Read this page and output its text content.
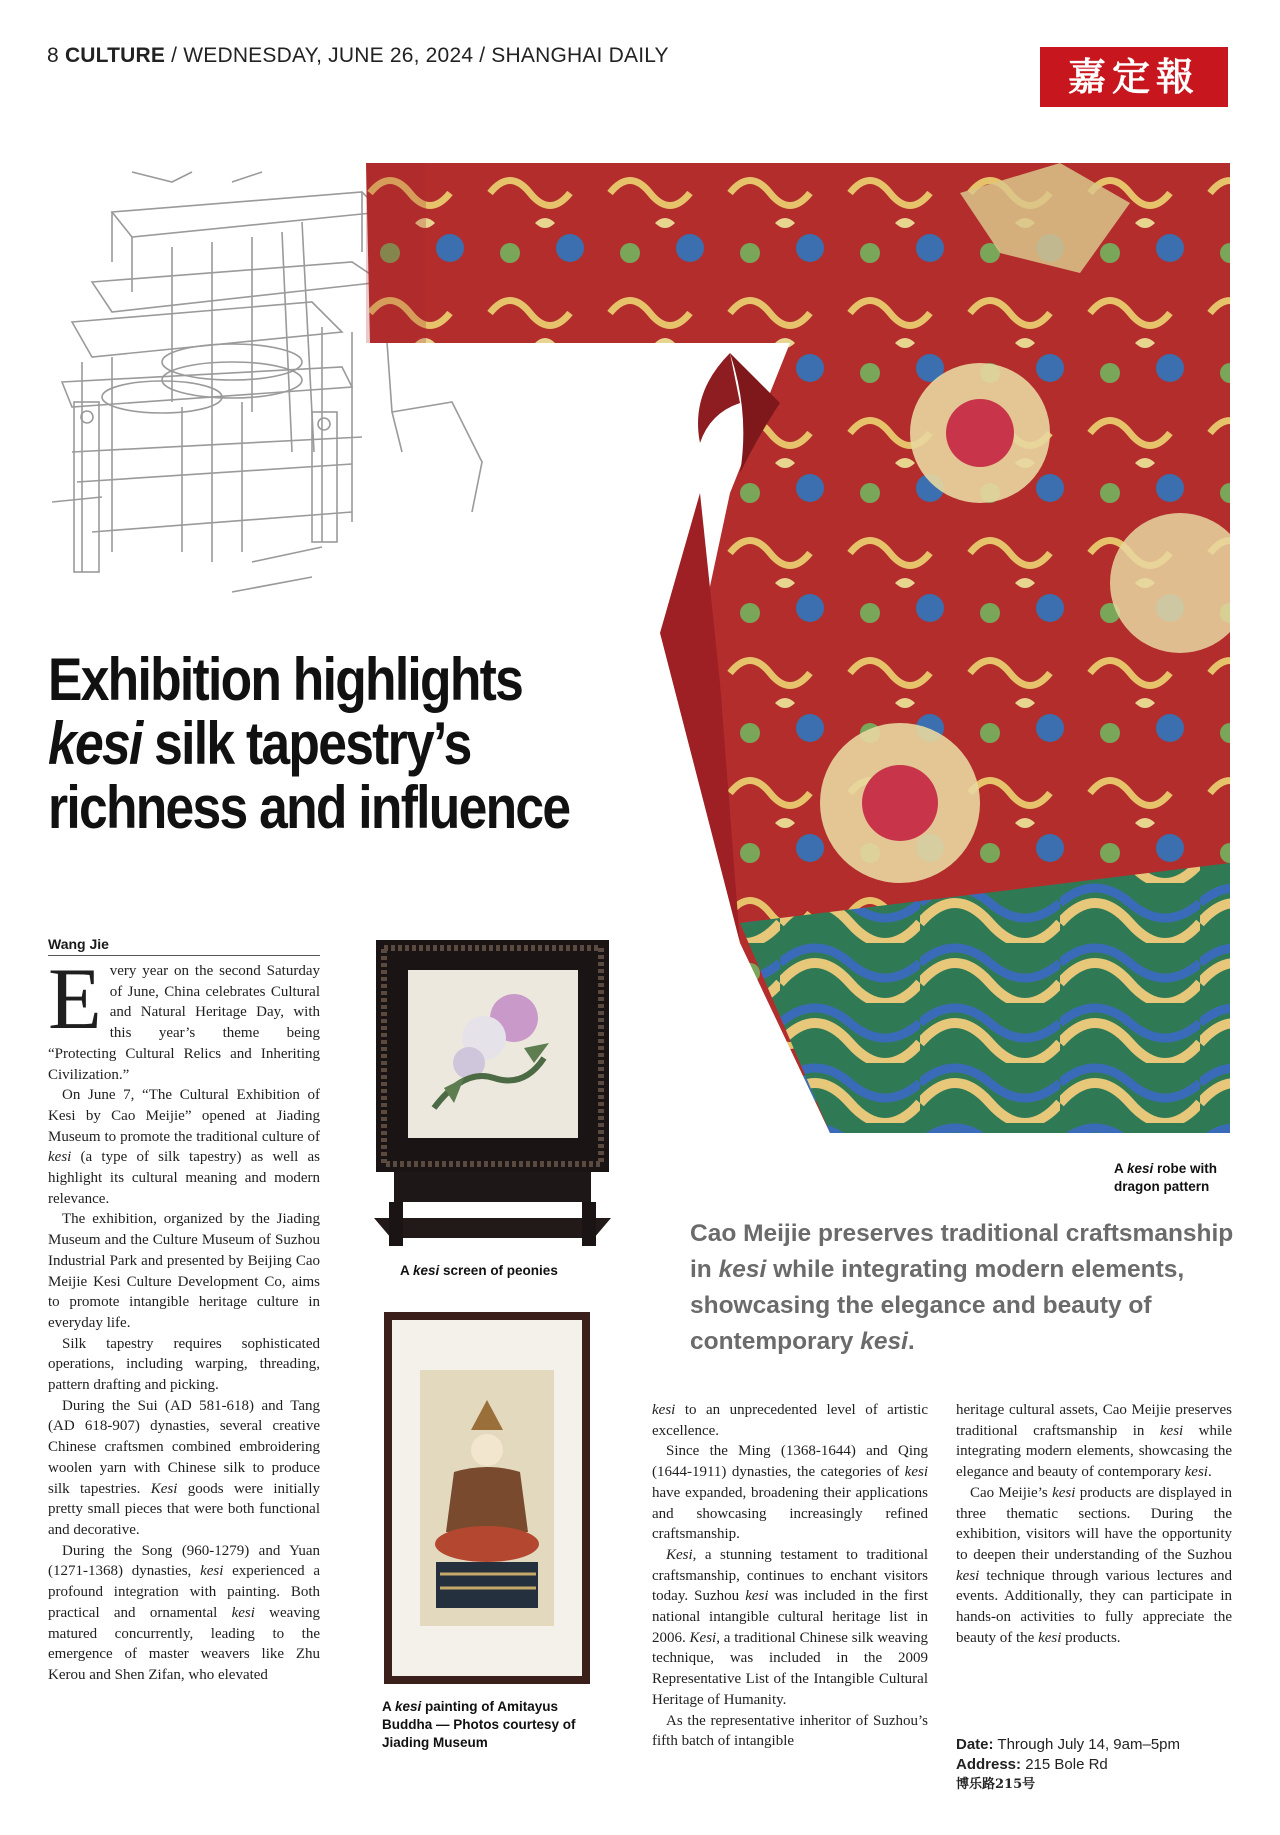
8 CULTURE / WEDNESDAY, JUNE 26, 2024 / SHANGHAI DAILY	嘉定報
Exhibition highlights
kesi silk tapestry’s
richness and influence
Wang Jie

Every year on the second Saturday of June, China celebrates Cultural and Natural Heritage Day, with this year’s theme being “Protecting Cultural Relics and Inheriting Civilization.”

On June 7, “The Cultural Exhibition of Kesi by Cao Meijie” opened at Jiading Museum to promote the traditional culture of kesi (a type of silk tapestry) as well as highlight its cultural meaning and modern relevance.

The exhibition, organized by the Jiading Museum and the Culture Museum of Suzhou Industrial Park and presented by Beijing Cao Meijie Kesi Culture Development Co, aims to promote intangible heritage culture in everyday life.

Silk tapestry requires sophisticated operations, including warping, threading, pattern drafting and picking.

During the Sui (AD 581-618) and Tang (AD 618-907) dynasties, several creative Chinese craftsmen combined embroidering woolen yarn with Chinese silk to produce silk tapestries. Kesi goods were initially pretty small pieces that were both functional and decorative.

During the Song (960-1279) and Yuan (1271-1368) dynasties, kesi experienced a profound integration with painting. Both practical and ornamental kesi weaving matured concurrently, leading to the emergence of master weavers like Zhu Kerou and Shen Zifan, who elevated

A kesi screen of peonies
A kesi painting of Amitayus Buddha — Photos courtesy of Jiading Museum
A kesi robe with dragon pattern
Cao Meijie preserves traditional craftsmanship in kesi while integrating modern elements, showcasing the elegance and beauty of contemporary kesi.

kesi to an unprecedented level of artistic excellence.

Since the Ming (1368-1644) and Qing (1644-1911) dynasties, the categories of kesi have expanded, broadening their applications and showcasing increasingly refined craftsmanship.

Kesi, a stunning testament to traditional craftsmanship, continues to enchant visitors today. Suzhou kesi was included in the first national intangible cultural heritage list in 2006. Kesi, a traditional Chinese silk weaving technique, was included in the 2009 Representative List of the Intangible Cultural Heritage of Humanity.

As the representative inheritor of Suzhou’s fifth batch of intangible

heritage cultural assets, Cao Meijie preserves traditional craftsmanship in kesi while integrating modern elements, showcasing the elegance and beauty of contemporary kesi.

Cao Meijie’s kesi products are displayed in three thematic sections. During the exhibition, visitors will have the opportunity to deepen their understanding of the Suzhou kesi technique through various lectures and events. Additionally, they can participate in hands-on activities to fully appreciate the beauty of the kesi products.

Date: Through July 14, 9am–5pm
Address: 215 Bole Rd
博乐路215号
